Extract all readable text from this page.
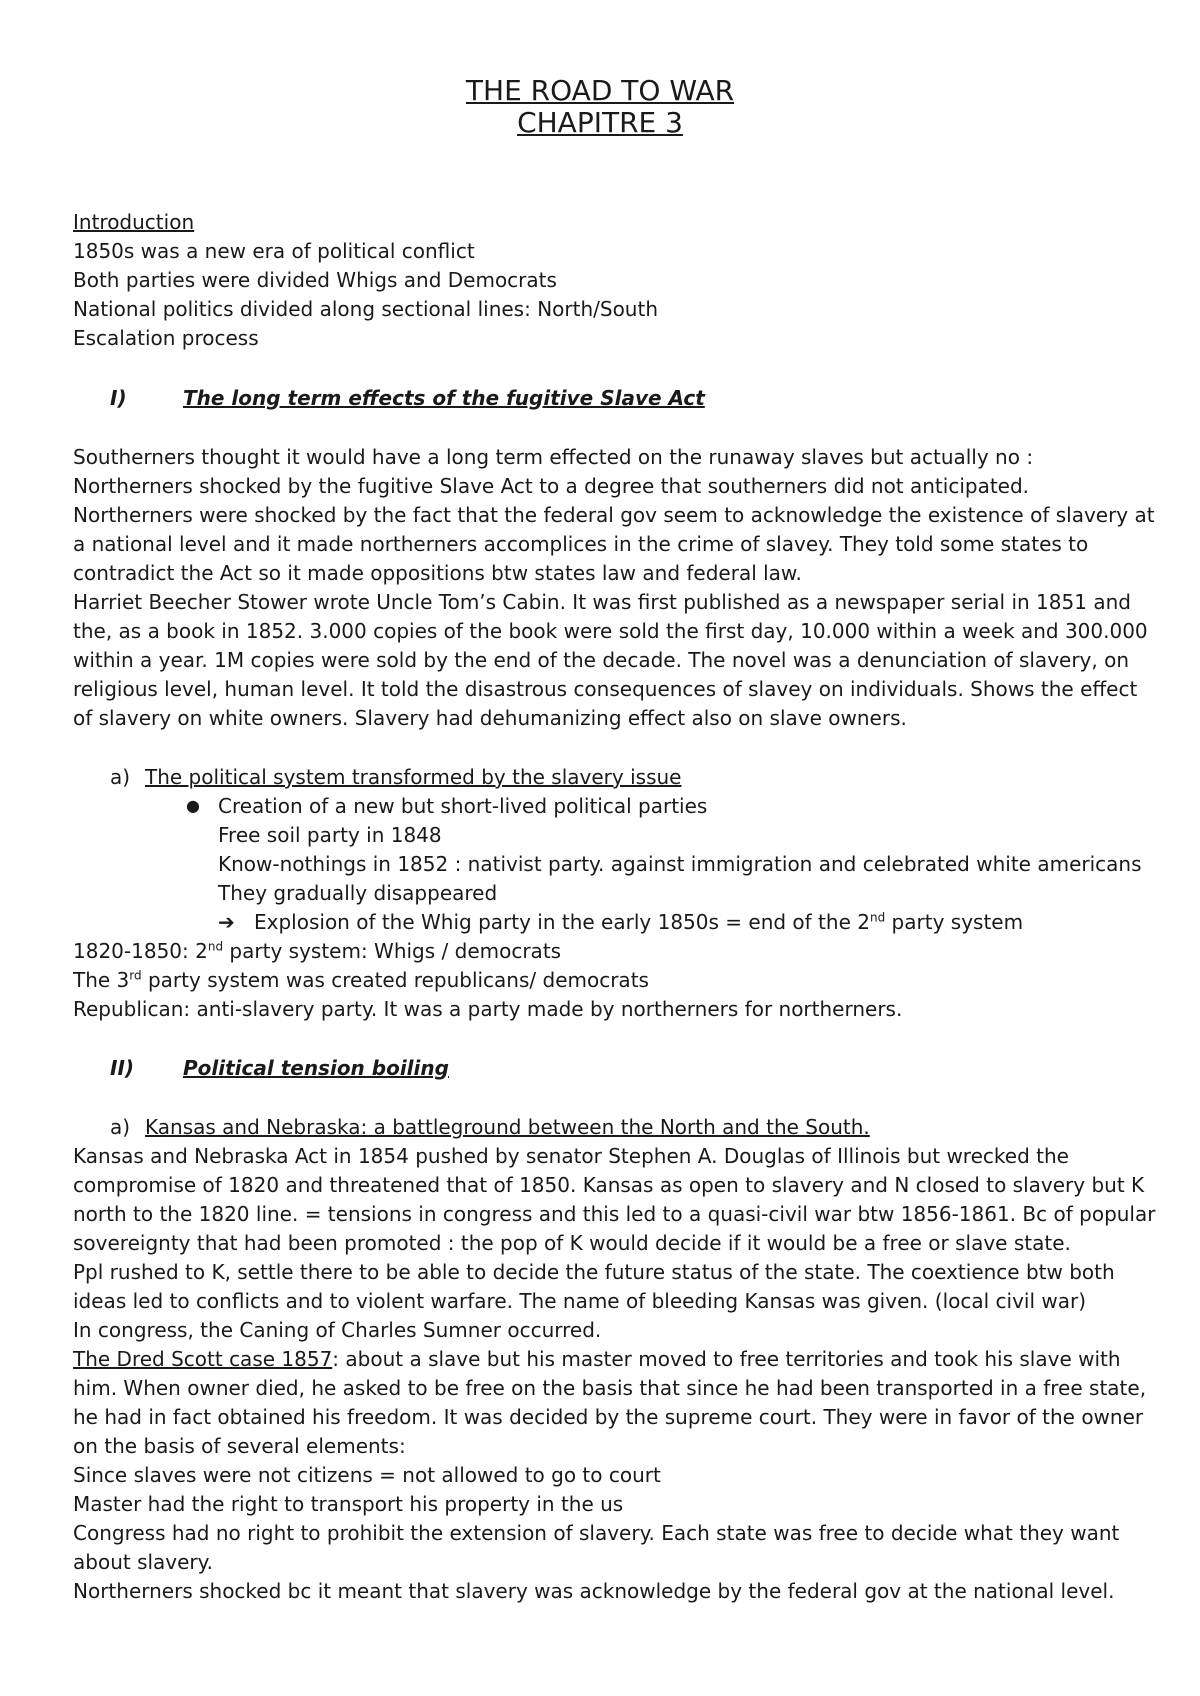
THE ROAD TO WAR
CHAPITRE 3
Introduction
1850s was a new era of political conflict
Both parties were divided Whigs and Democrats
National politics divided along sectional lines: North/South
Escalation process
I)	The long term effects of the fugitive Slave Act
Southerners thought it would have a long term effected on the runaway slaves but actually no :
Northerners shocked by the fugitive Slave Act to a degree that southerners did not anticipated.
Northerners were shocked by the fact that the federal gov seem to acknowledge the existence of slavery at
a national level and it made northerners accomplices in the crime of slavey. They told some states to
contradict the Act so it made oppositions btw states law and federal law.
Harriet Beecher Stower wrote Uncle Tom’s Cabin. It was first published as a newspaper serial in 1851 and
the, as a book in 1852. 3.000 copies of the book were sold the first day, 10.000 within a week and 300.000
within a year. 1M copies were sold by the end of the decade. The novel was a denunciation of slavery, on
religious level, human level. It told the disastrous consequences of slavey on individuals. Shows the effect
of slavery on white owners. Slavery had dehumanizing effect also on slave owners.
a) The political system transformed by the slavery issue
● Creation of a new but short-lived political parties
Free soil party in 1848
Know-nothings in 1852 : nativist party. against immigration and celebrated white americans
They gradually disappeared
➔ Explosion of the Whig party in the early 1850s = end of the 2nd party system
1820-1850: 2nd party system: Whigs / democrats
The 3rd party system was created republicans/ democrats
Republican: anti-slavery party. It was a party made by northerners for northerners.
II) Political tension boiling
a) Kansas and Nebraska: a battleground between the North and the South.
Kansas and Nebraska Act in 1854 pushed by senator Stephen A. Douglas of Illinois but wrecked the
compromise of 1820 and threatened that of 1850. Kansas as open to slavery and N closed to slavery but K
north to the 1820 line. = tensions in congress and this led to a quasi-civil war btw 1856-1861. Bc of popular
sovereignty that had been promoted : the pop of K would decide if it would be a free or slave state.
Ppl rushed to K, settle there to be able to decide the future status of the state. The coextience btw both
ideas led to conflicts and to violent warfare. The name of bleeding Kansas was given. (local civil war)
In congress, the Caning of Charles Sumner occurred.
The Dred Scott case 1857: about a slave but his master moved to free territories and took his slave with
him. When owner died, he asked to be free on the basis that since he had been transported in a free state,
he had in fact obtained his freedom. It was decided by the supreme court. They were in favor of the owner
on the basis of several elements:
Since slaves were not citizens = not allowed to go to court
Master had the right to transport his property in the us
Congress had no right to prohibit the extension of slavery. Each state was free to decide what they want
about slavery.
Northerners shocked bc it meant that slavery was acknowledge by the federal gov at the national level.
